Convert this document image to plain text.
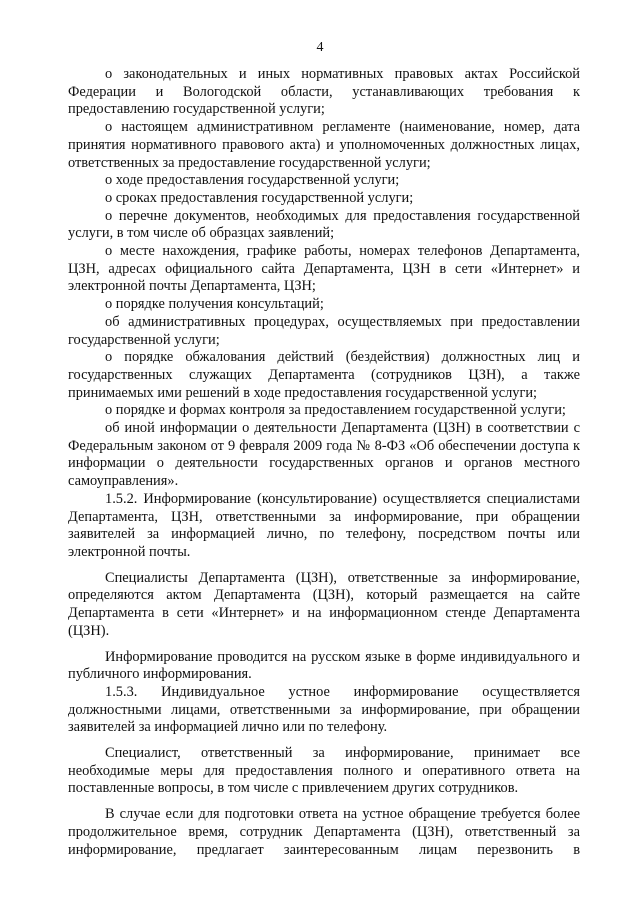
4

о законодательных и иных нормативных правовых актах Российской Федерации и Вологодской области, устанавливающих требования к предоставлению государственной услуги;

о настоящем административном регламенте (наименование, номер, дата принятия нормативного правового акта) и уполномоченных должностных лицах, ответственных за предоставление государственной услуги;

о ходе предоставления государственной услуги;

о сроках предоставления государственной услуги;

о перечне документов, необходимых для предоставления государственной услуги, в том числе об образцах заявлений;

о месте нахождения, графике работы, номерах телефонов Департамента, ЦЗН, адресах официального сайта Департамента, ЦЗН в сети «Интернет» и электронной почты Департамента, ЦЗН;

о порядке получения консультаций;

об административных процедурах, осуществляемых при предоставлении государственной услуги;

о порядке обжалования действий (бездействия) должностных лиц и государственных служащих Департамента (сотрудников ЦЗН), а также принимаемых ими решений в ходе предоставления государственной услуги;

о порядке и формах контроля за предоставлением государственной услуги;

об иной информации о деятельности Департамента (ЦЗН) в соответствии с Федеральным законом от 9 февраля 2009 года № 8-ФЗ «Об обеспечении доступа к информации о деятельности государственных органов и органов местного самоуправления».

1.5.2. Информирование (консультирование) осуществляется специалистами Департамента, ЦЗН, ответственными за информирование, при обращении заявителей за информацией лично, по телефону, посредством почты или электронной почты.

Специалисты Департамента (ЦЗН), ответственные за информирование, определяются актом Департамента (ЦЗН), который размещается на сайте Департамента в сети «Интернет» и на информационном стенде Департамента (ЦЗН).

Информирование проводится на русском языке в форме индивидуального и публичного информирования.

1.5.3. Индивидуальное устное информирование осуществляется должностными лицами, ответственными за информирование, при обращении заявителей за информацией лично или по телефону.

Специалист, ответственный за информирование, принимает все необходимые меры для предоставления полного и оперативного ответа на поставленные вопросы, в том числе с привлечением других сотрудников.

В случае если для подготовки ответа на устное обращение требуется более продолжительное время, сотрудник Департамента (ЦЗН), ответственный за информирование, предлагает заинтересованным лицам перезвонить в
